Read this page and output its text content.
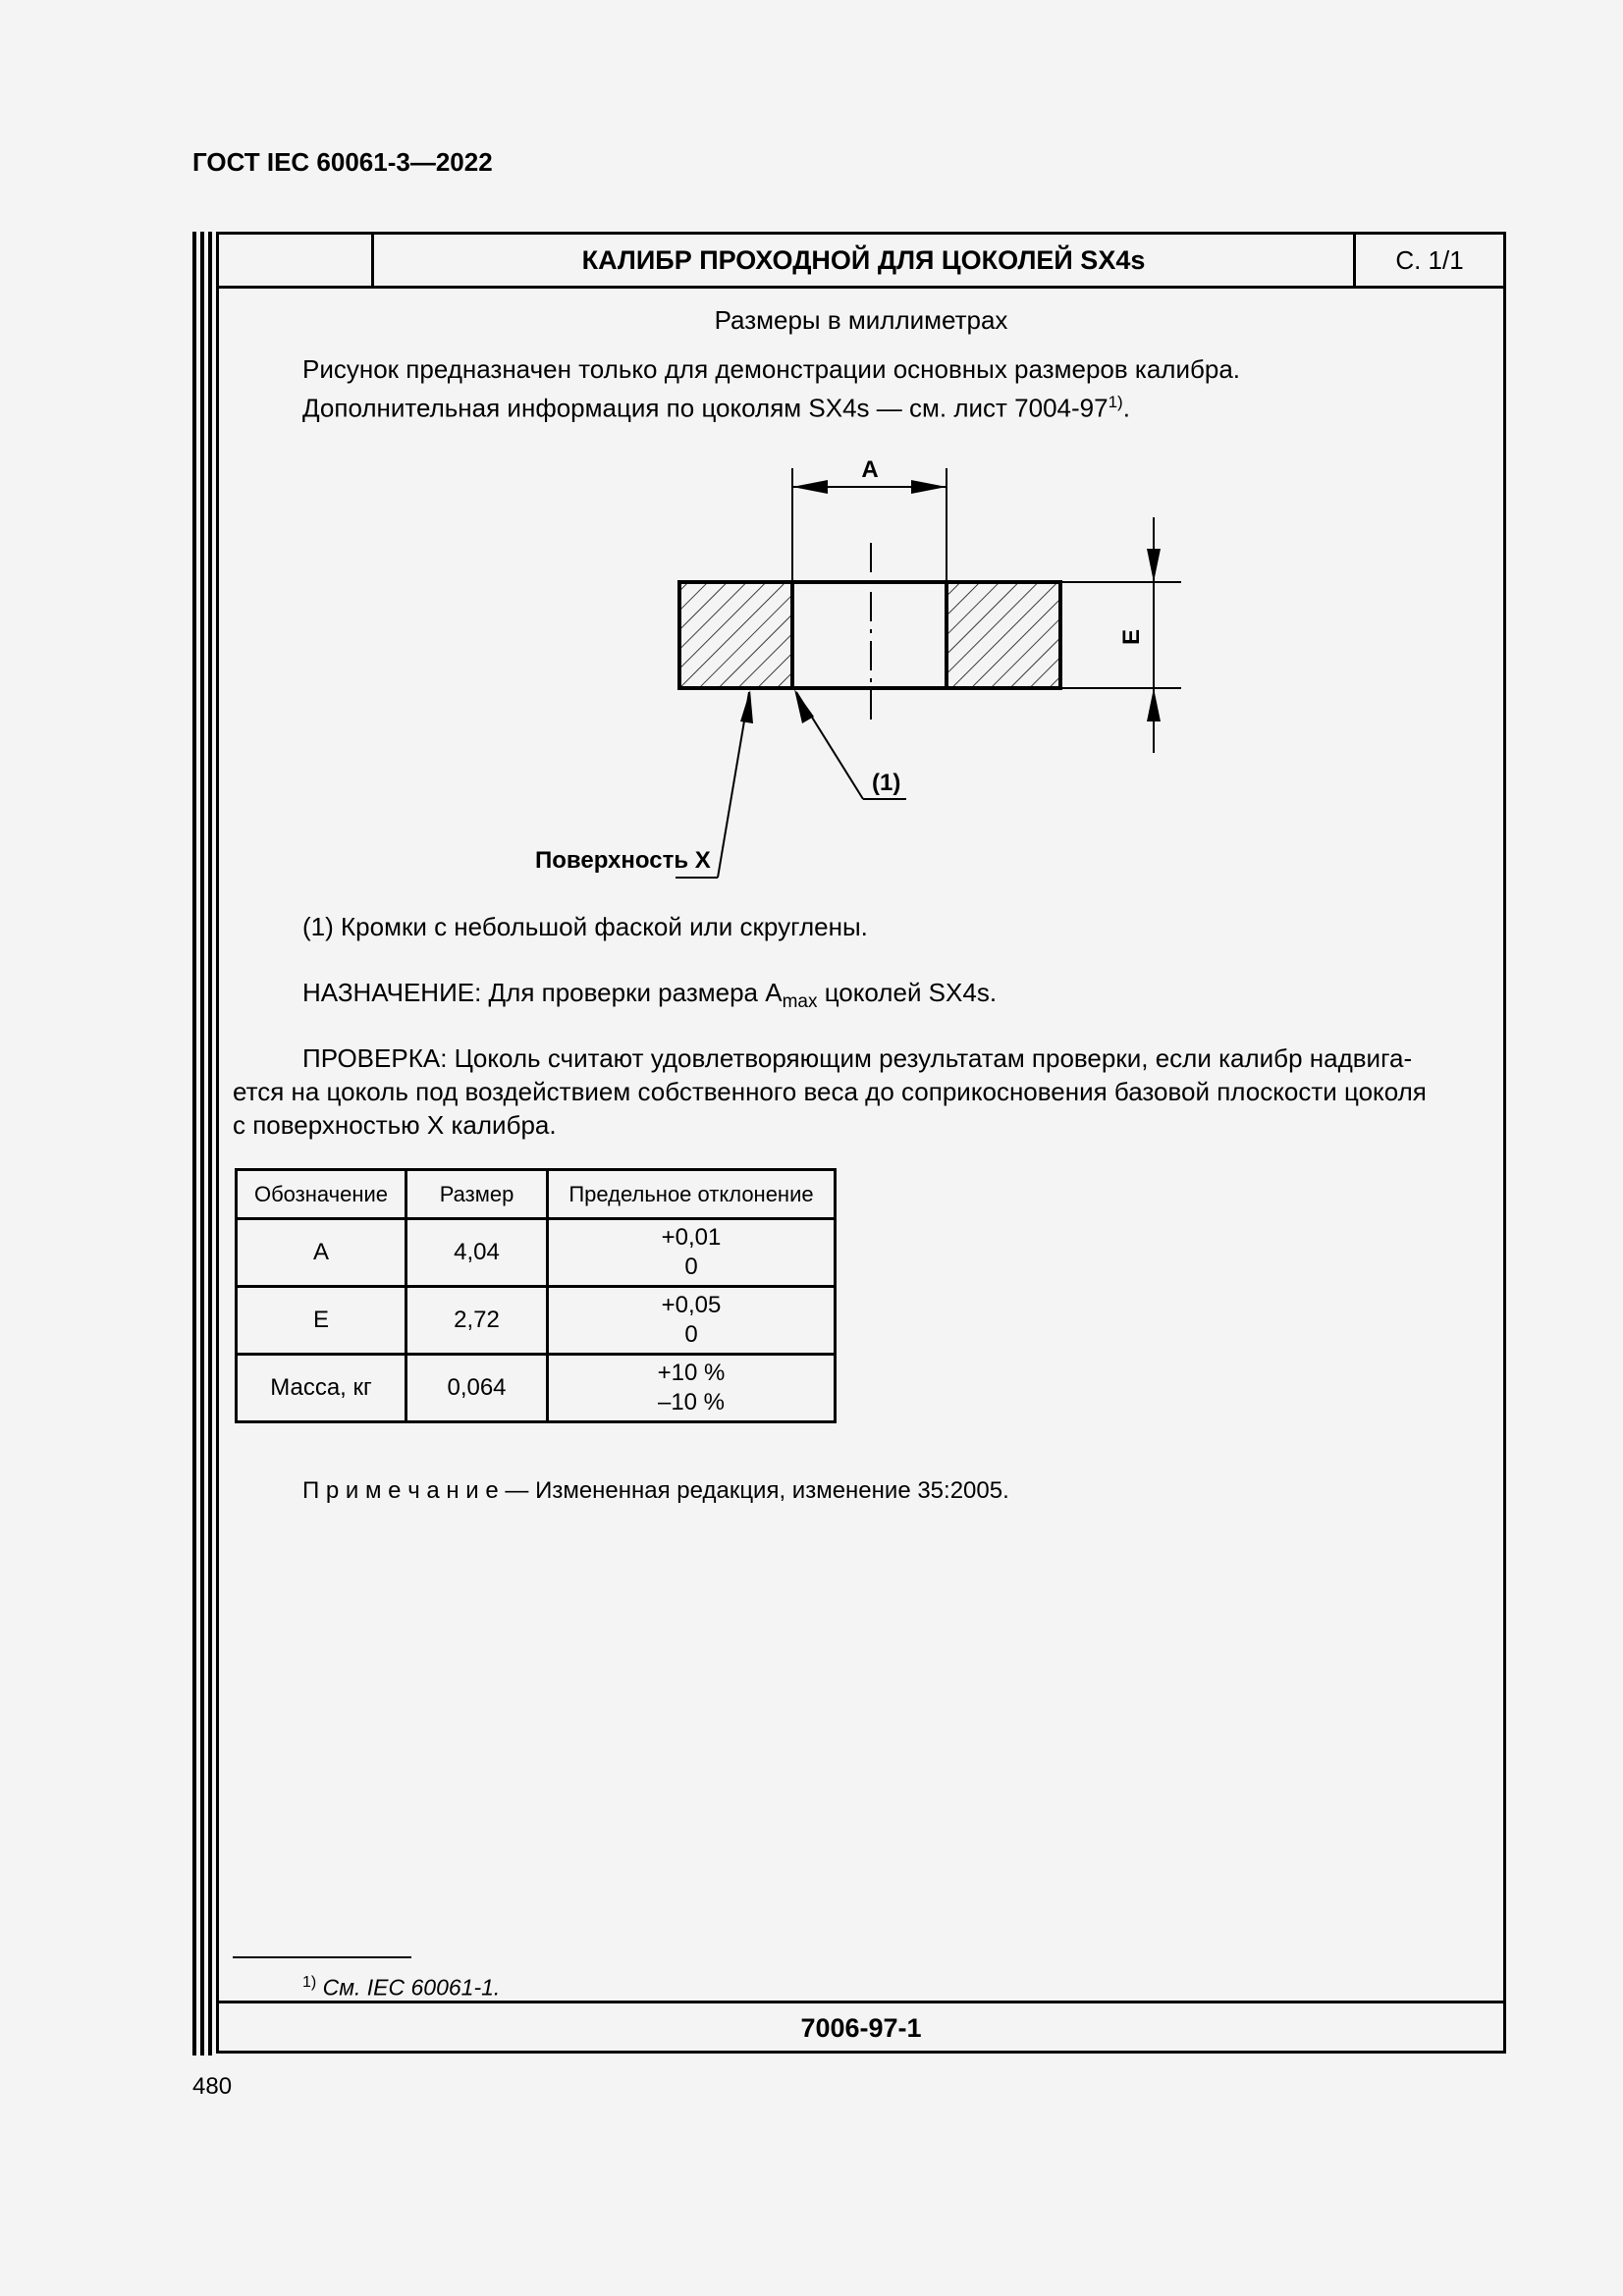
ГОСТ IEC 60061-3—2022
КАЛИБР ПРОХОДНОЙ ДЛЯ ЦОКОЛЕЙ SX4s	С. 1/1
Размеры в миллиметрах
Рисунок предназначен только для демонстрации основных размеров калибра.
Дополнительная информация по цоколям SX4s — см. лист 7004-97$^{1)}$.
A
E
(1)
Поверхность X
(1) Кромки с небольшой фаской или скруглены.
НАЗНАЧЕНИЕ: Для проверки размера $A_{max}$ цоколей SX4s.
ПРОВЕРКА: Цоколь считают удовлетворяющим результатам проверки, если калибр надвига-
ется на цоколь под воздействием собственного веса до соприкосновения базовой плоскости цоколя
с поверхностью X калибра.
Обозначение	Размер	Предельное отклонение
A	4,04	+0,01
0

E	2,72	+0,05
0

Масса, кг	0,064	+10 %
–10 %
П р и м е ч а н и е — Измененная редакция, изменение 35:2005.
$^{1)}$ См. IEC 60061-1.
7006-97-1
480
